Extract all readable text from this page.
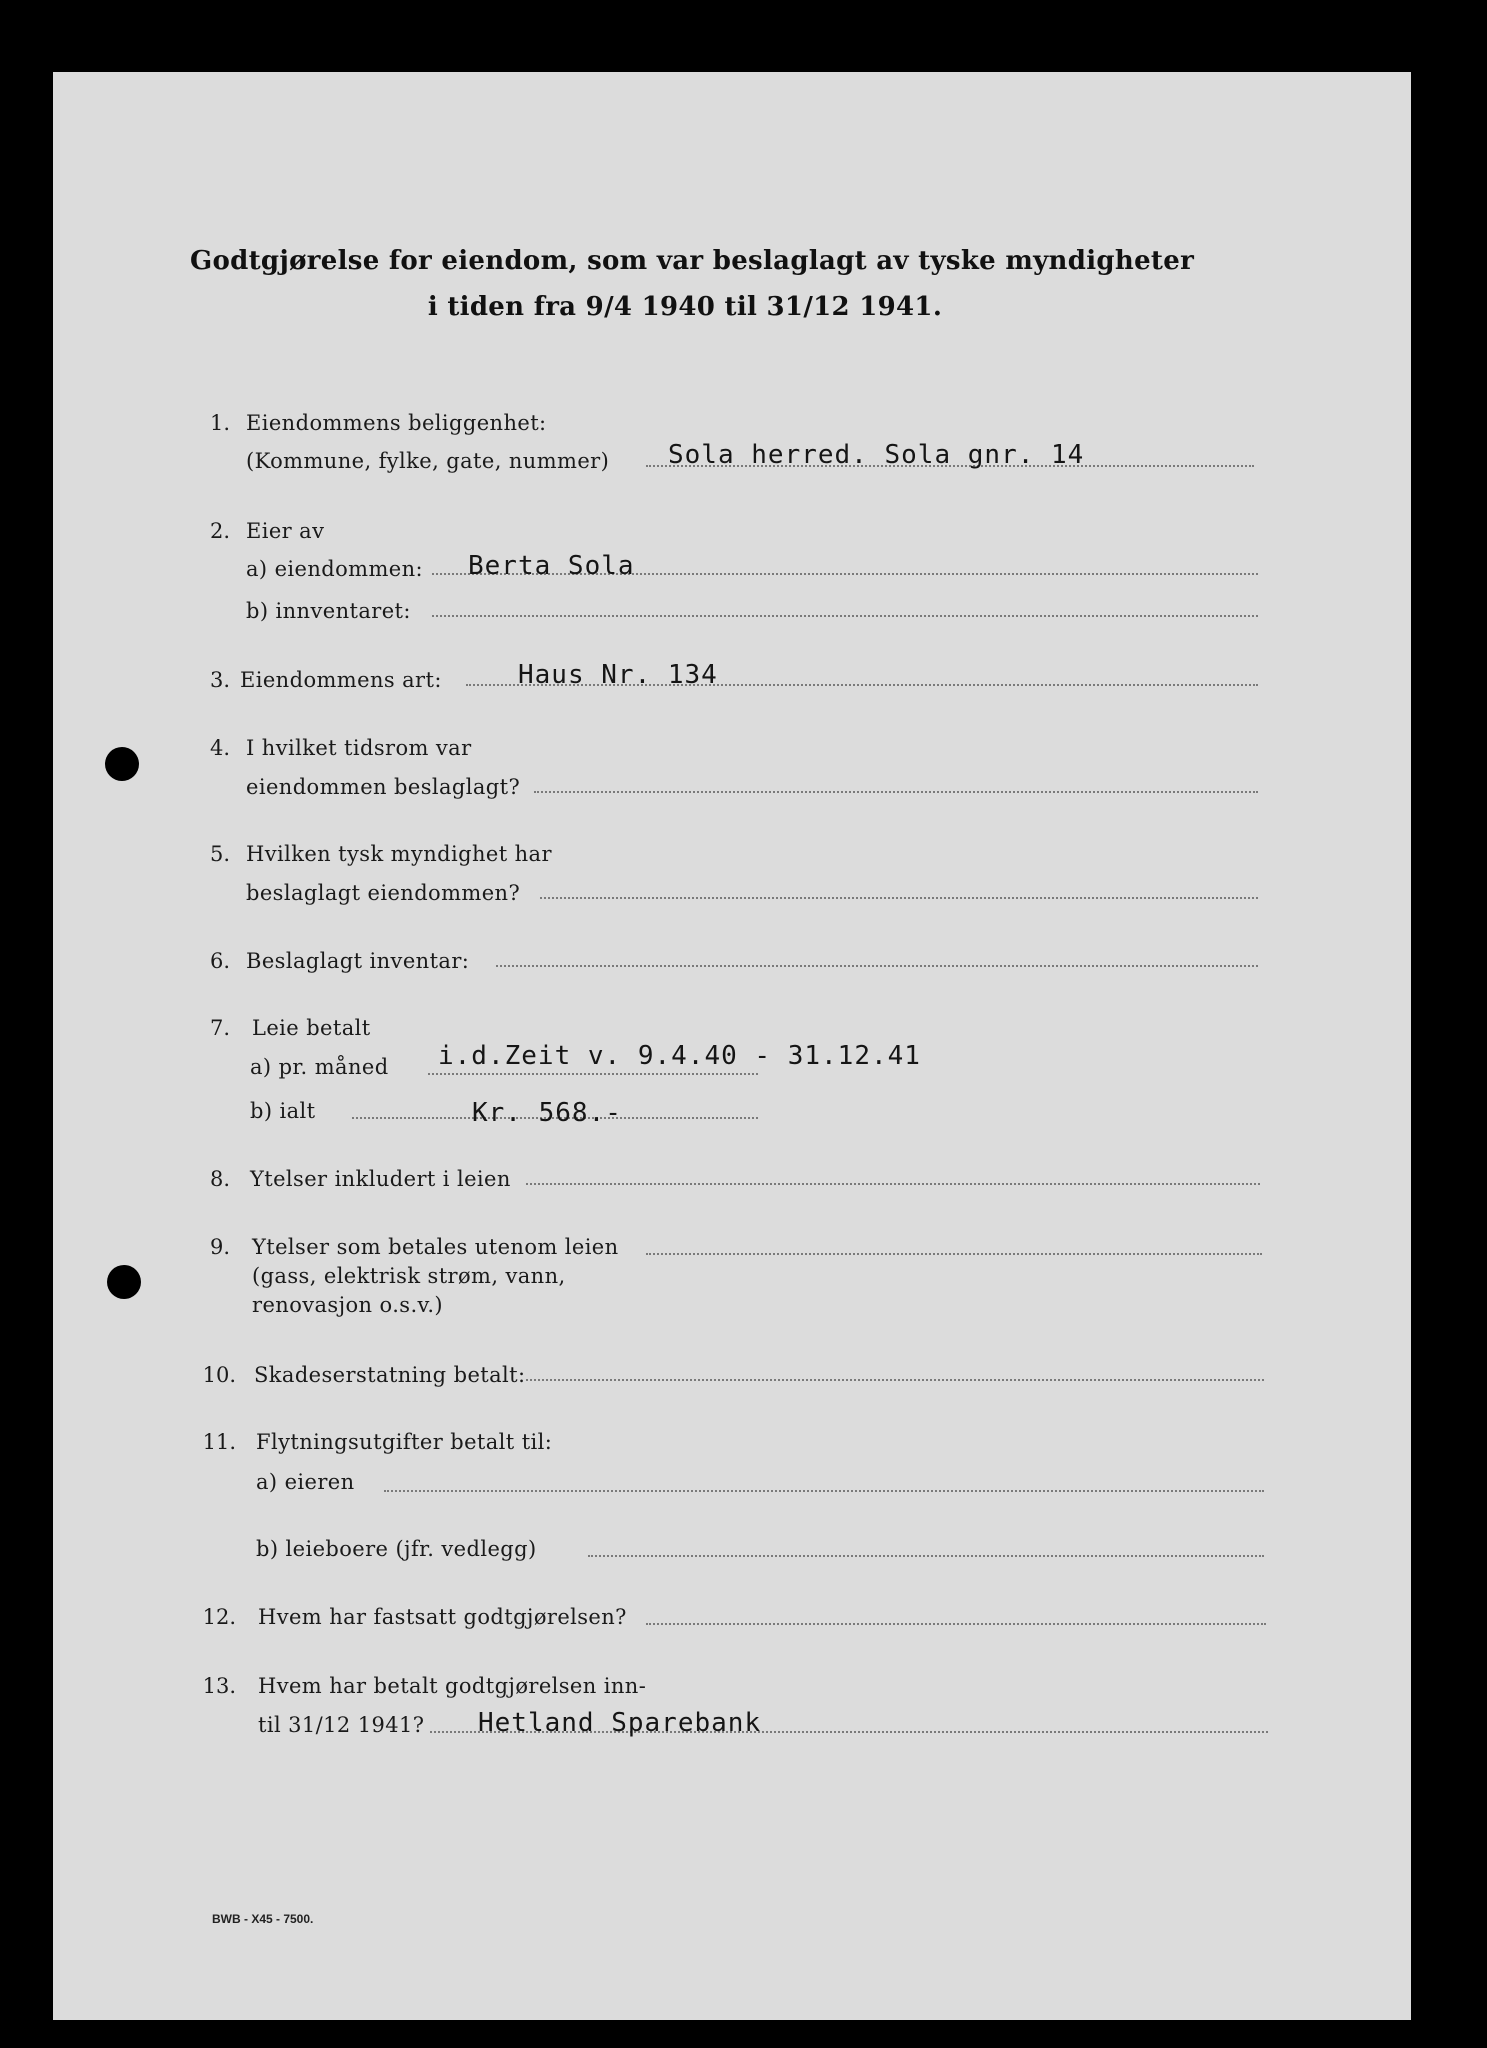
Godtgjørelse for eiendom, som var beslaglagt av tyske myndigheter
i tiden fra 9/4 1940 til 31/12 1941.
1. Eiendommens beliggenhet:
(Kommune, fylke, gate, nummer) Sola herred. Sola gnr. 14
2. Eier av
a) eiendommen: Berta Sola
b) innventaret:
3. Eiendommens art:	Haus Nr. 134
4. I hvilket tidsrom var
eiendommen beslaglagt?
5. Hvilken tysk myndighet har
beslaglagt eiendommen?
6. Beslaglagt inventar:
7. Leie betalt
a) pr. måned i.d.Zeit v. 9.4.40 - 31.12.41
b) ialt	Kr. 568.-
8. Ytelser inkludert i leien
9. Ytelser som betales utenom leien
(gass, elektrisk strøm, vann,
renovasjon o.s.v.)
10. Skadeserstatning betalt:
11. Flytningsutgifter betalt til:
a) eieren
b) leieboere (jfr. vedlegg)
12. Hvem har fastsatt godtgjørelsen?
13. Hvem har betalt godtgjørelsen inn-
til 31/12 1941? Hetland Sparebank
BWB - X45 - 7500.
